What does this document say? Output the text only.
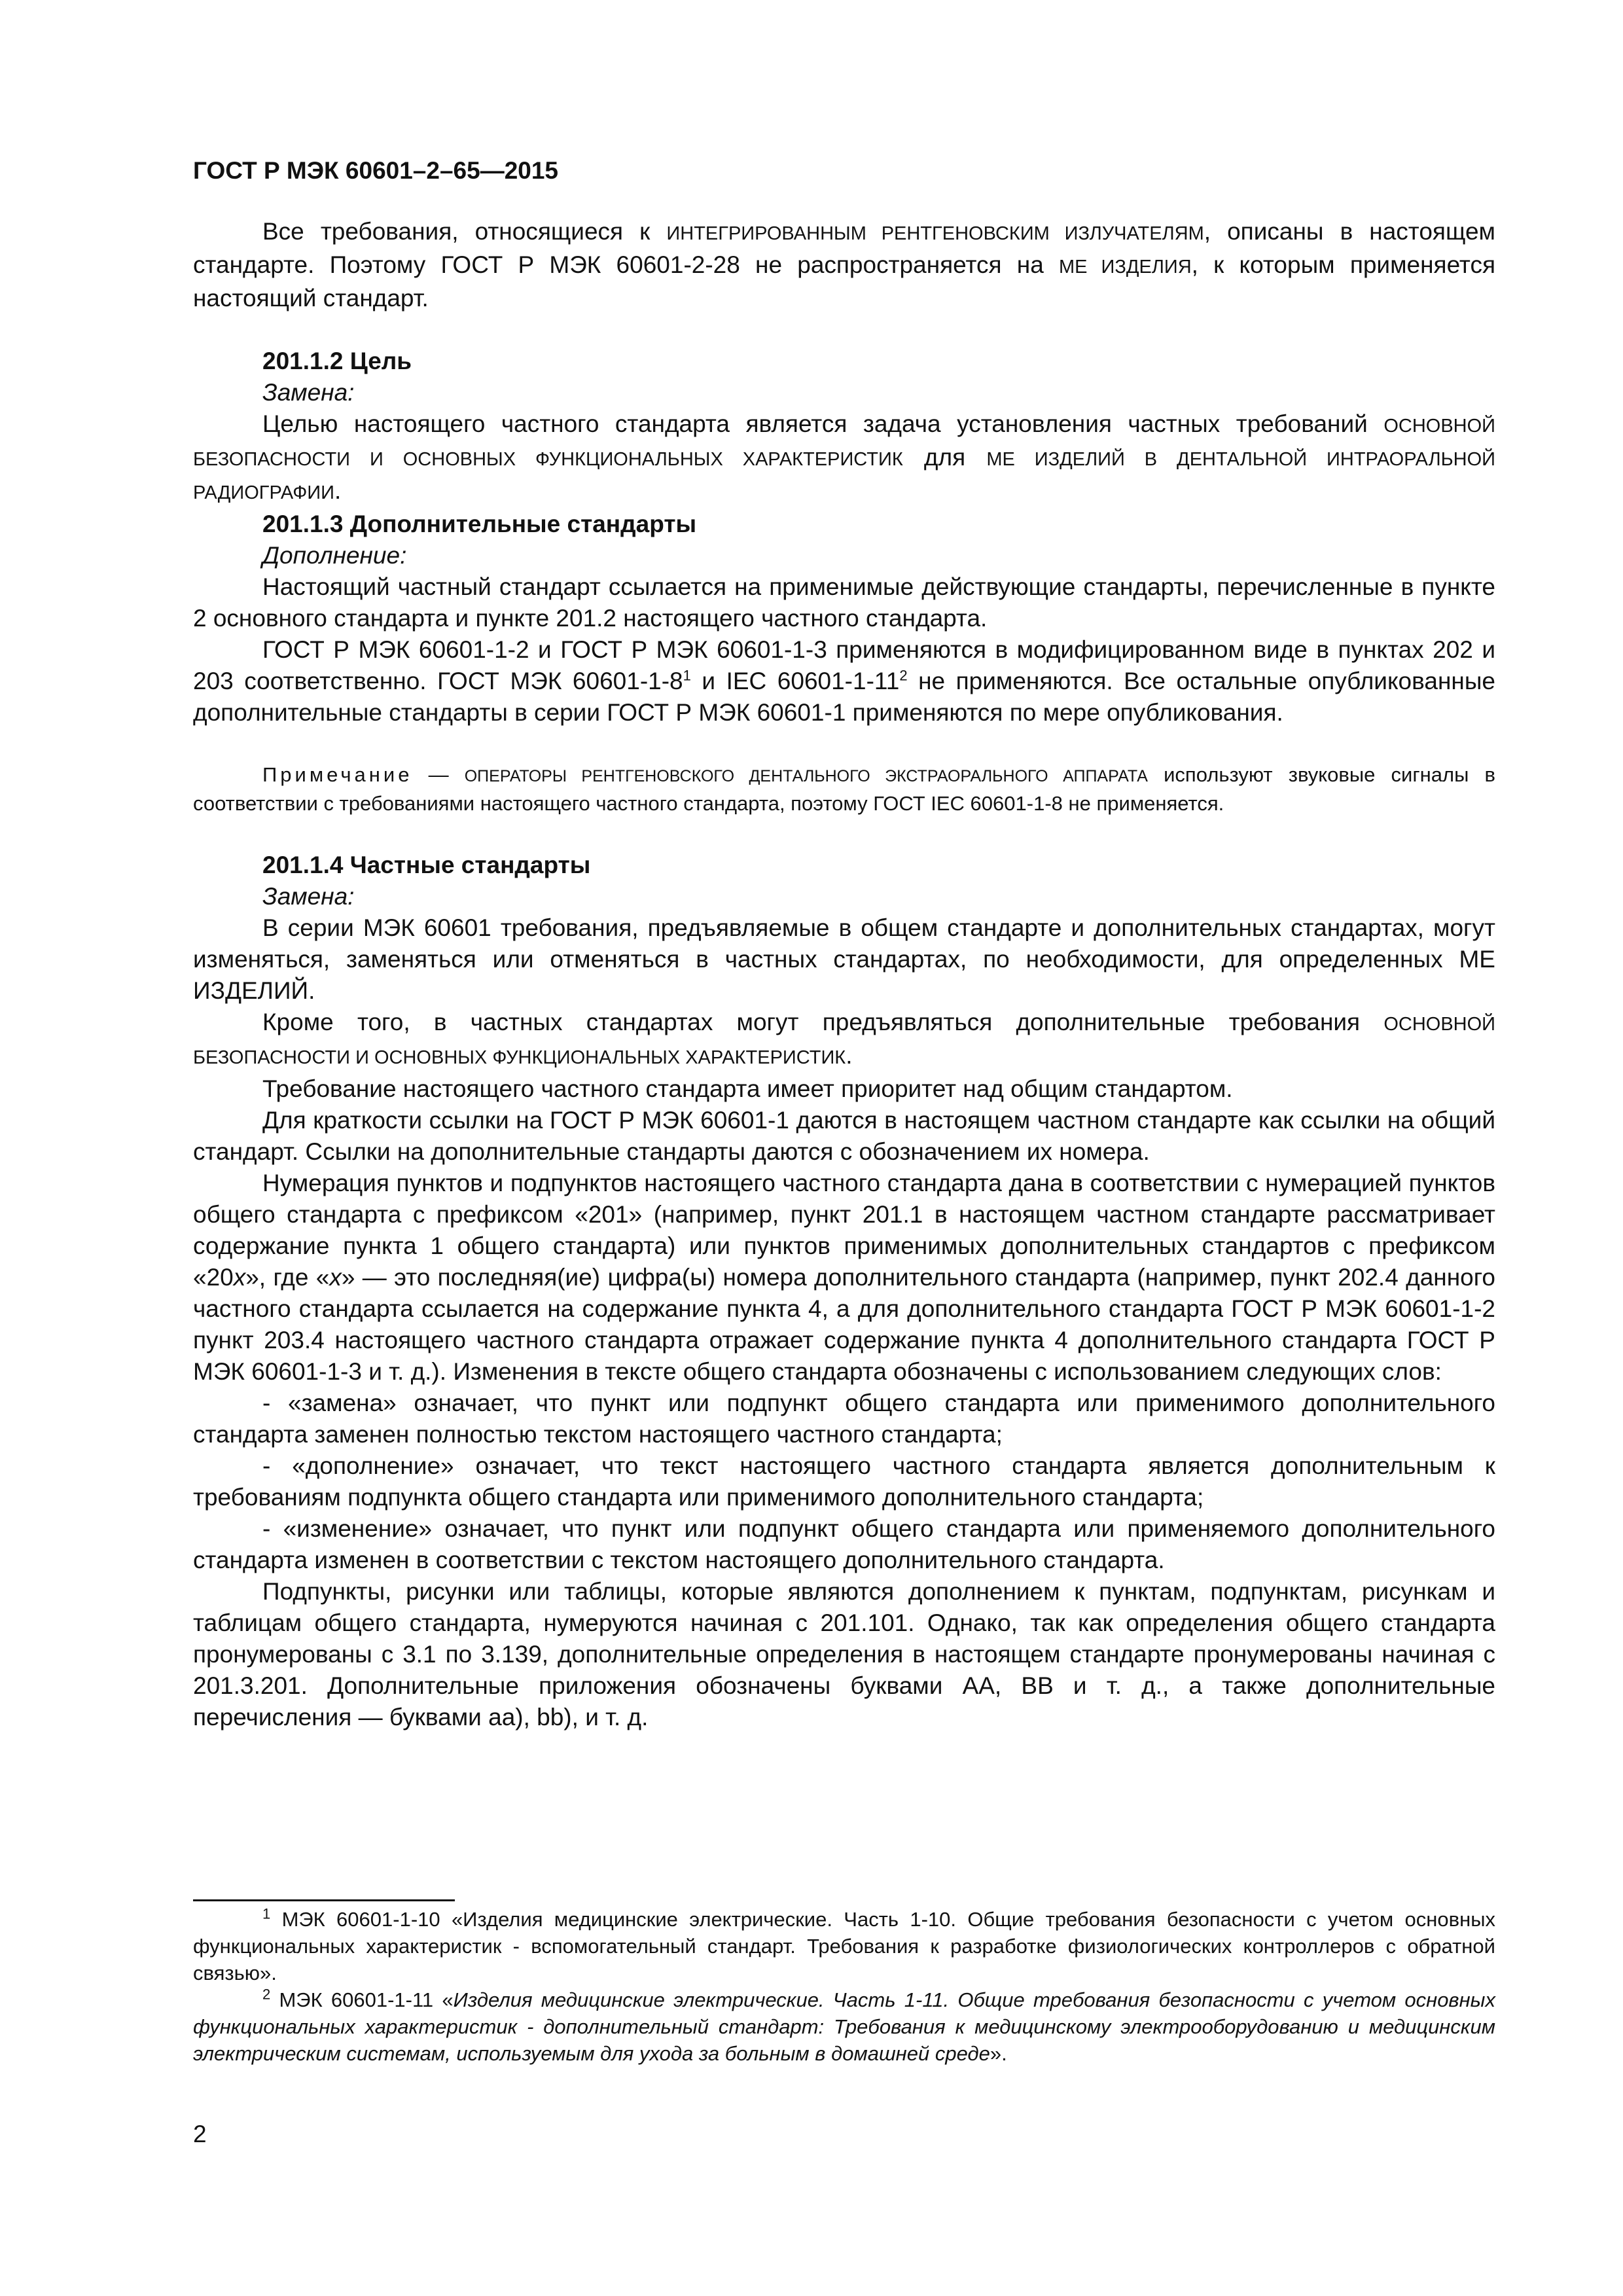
ГОСТ Р МЭК 60601–2–65—2015

Все требования, относящиеся к ИНТЕГРИРОВАННЫМ РЕНТГЕНОВСКИМ ИЗЛУЧАТЕЛЯМ, описаны в настоящем стандарте. Поэтому ГОСТ Р МЭК 60601-2-28 не распространяется на МЕ ИЗДЕЛИЯ, к которым применяется настоящий стандарт.

201.1.2 Цель
Замена:

Целью настоящего частного стандарта является задача установления частных требований ОСНОВНОЙ БЕЗОПАСНОСТИ И ОСНОВНЫХ ФУНКЦИОНАЛЬНЫХ ХАРАКТЕРИСТИК для МЕ ИЗДЕЛИЙ В ДЕНТАЛЬНОЙ ИНТРАОРАЛЬНОЙ РАДИОГРАФИИ.

201.1.3 Дополнительные стандарты
Дополнение:

Настоящий частный стандарт ссылается на применимые действующие стандарты, перечисленные в пункте 2 основного стандарта и пункте 201.2 настоящего частного стандарта.

ГОСТ Р МЭК 60601-1-2 и ГОСТ Р МЭК 60601-1-3 применяются в модифицированном виде в пунктах 202 и 203 соответственно. ГОСТ МЭК $60601-1-8^1$ и IEC $60601-1-11^2$ не применяются. Все остальные опубликованные дополнительные стандарты в серии ГОСТ Р МЭК 60601-1 применяются по мере опубликования.

Примечание — ОПЕРАТОРЫ РЕНТГЕНОВСКОГО ДЕНТАЛЬНОГО ЭКСТРАОРАЛЬНОГО АППАРАТА используют звуковые сигналы в соответствии с требованиями настоящего частного стандарта, поэтому ГОСТ IEC 60601-1-8 не применяется.

201.1.4 Частные стандарты
Замена:

В серии МЭК 60601 требования, предъявляемые в общем стандарте и дополнительных стандартах, могут изменяться, заменяться или отменяться в частных стандартах, по необходимости, для определенных МЕ ИЗДЕЛИЙ.

Кроме того, в частных стандартах могут предъявляться дополнительные требования ОСНОВНОЙ БЕЗОПАСНОСТИ И ОСНОВНЫХ ФУНКЦИОНАЛЬНЫХ ХАРАКТЕРИСТИК.

Требование настоящего частного стандарта имеет приоритет над общим стандартом.

Для краткости ссылки на ГОСТ Р МЭК 60601-1 даются в настоящем частном стандарте как ссылки на общий стандарт. Ссылки на дополнительные стандарты даются с обозначением их номера.

Нумерация пунктов и подпунктов настоящего частного стандарта дана в соответствии с нумерацией пунктов общего стандарта с префиксом «201» (например, пункт 201.1 в настоящем частном стандарте рассматривает содержание пункта 1 общего стандарта) или пунктов применимых дополнительных стандартов с префиксом «20x», где «x» — это последняя(ие) цифра(ы) номера дополнительного стандарта (например, пункт 202.4 данного частного стандарта ссылается на содержание пункта 4, а для дополнительного стандарта ГОСТ Р МЭК 60601-1-2 пункт 203.4 настоящего частного стандарта отражает содержание пункта 4 дополнительного стандарта ГОСТ Р МЭК 60601-1-3 и т. д.). Изменения в тексте общего стандарта обозначены с использованием следующих слов:

- «замена» означает, что пункт или подпункт общего стандарта или применимого дополнительного стандарта заменен полностью текстом настоящего частного стандарта;

- «дополнение» означает, что текст настоящего частного стандарта является дополнительным к требованиям подпункта общего стандарта или применимого дополнительного стандарта;

- «изменение» означает, что пункт или подпункт общего стандарта или применяемого дополнительного стандарта изменен в соответствии с текстом настоящего дополнительного стандарта.

Подпункты, рисунки или таблицы, которые являются дополнением к пунктам, подпунктам, рисункам и таблицам общего стандарта, нумеруются начиная с 201.101. Однако, так как определения общего стандарта пронумерованы с 3.1 по 3.139, дополнительные определения в настоящем стандарте пронумерованы начиная с 201.3.201. Дополнительные приложения обозначены буквами АА, ВВ и т. д., а также дополнительные перечисления — буквами аа), bb), и т. д.

$^1$ МЭК 60601-1-10 «Изделия медицинские электрические. Часть 1-10. Общие требования безопасности с учетом основных функциональных характеристик - вспомогательный стандарт. Требования к разработке физиологических контроллеров с обратной связью».

$^2$ МЭК 60601-1-11 «Изделия медицинские электрические. Часть 1-11. Общие требования безопасности с учетом основных функциональных характеристик - дополнительный стандарт: Требования к медицинскому электрооборудованию и медицинским электрическим системам, используемым для ухода за больным в домашней среде».

2
